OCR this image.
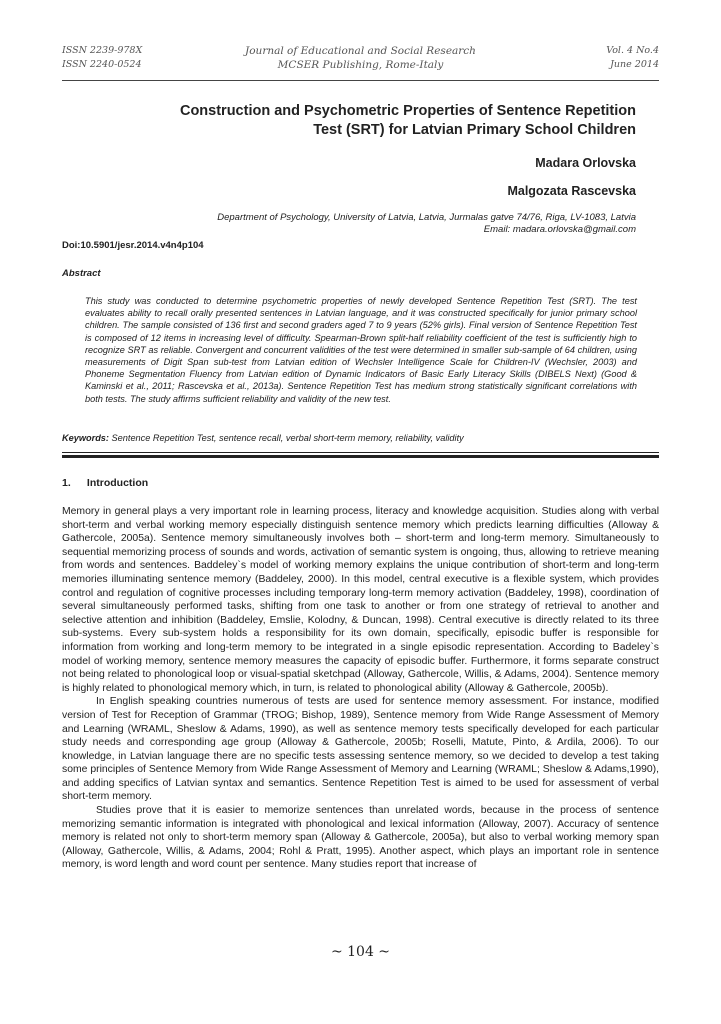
ISSN 2239-978X
ISSN 2240-0524
Journal of Educational and Social Research
MCSER Publishing, Rome-Italy
Vol. 4 No.4
June 2014
Construction and Psychometric Properties of Sentence Repetition
Test (SRT) for Latvian Primary School Children
Madara Orlovska
Malgozata Rascevska
Department of Psychology, University of Latvia, Latvia, Jurmalas gatve 74/76, Riga, LV-1083, Latvia
Email: madara.orlovska@gmail.com
Doi:10.5901/jesr.2014.v4n4p104
Abstract
This study was conducted to determine psychometric properties of newly developed Sentence Repetition Test (SRT). The test evaluates ability to recall orally presented sentences in Latvian language, and it was constructed specifically for junior primary school children. The sample consisted of 136 first and second graders aged 7 to 9 years (52% girls). Final version of Sentence Repetition Test is composed of 12 items in increasing level of difficulty. Spearman-Brown split-half reliability coefficient of the test is sufficiently high to recognize SRT as reliable. Convergent and concurrent validities of the test were determined in smaller sub-sample of 64 children, using measurements of Digit Span sub-test from Latvian edition of Wechsler Intelligence Scale for Children-IV (Wechsler, 2003) and Phoneme Segmentation Fluency from Latvian edition of Dynamic Indicators of Basic Early Literacy Skills (DIBELS Next) (Good & Kaminski et al., 2011; Rascevska et al., 2013a). Sentence Repetition Test has medium strong statistically significant correlations with both tests. The study affirms sufficient reliability and validity of the new test.
Keywords: Sentence Repetition Test, sentence recall, verbal short-term memory, reliability, validity
1. Introduction

Memory in general plays a very important role in learning process, literacy and knowledge acquisition. Studies along with verbal short-term and verbal working memory especially distinguish sentence memory which predicts learning difficulties (Alloway & Gathercole, 2005a). Sentence memory simultaneously involves both – short-term and long-term memory. Simultaneously to sequential memorizing process of sounds and words, activation of semantic system is ongoing, thus, allowing to retrieve meaning from words and sentences. Baddeley`s model of working memory explains the unique contribution of short-term and long-term memories illuminating sentence memory (Baddeley, 2000). In this model, central executive is a flexible system, which provides control and regulation of cognitive processes including temporary long-term memory activation (Baddeley, 1998), coordination of several simultaneously performed tasks, shifting from one task to another or from one strategy of retrieval to another and selective attention and inhibition (Baddeley, Emslie, Kolodny, & Duncan, 1998). Central executive is directly related to its three sub-systems. Every sub-system holds a responsibility for its own domain, specifically, episodic buffer is responsible for information from working and long-term memory to be integrated in a single episodic representation. According to Badeley`s model of working memory, sentence memory measures the capacity of episodic buffer. Furthermore, it forms separate construct not being related to phonological loop or visual-spatial sketchpad (Alloway, Gathercole, Willis, & Adams, 2004). Sentence memory is highly related to phonological memory which, in turn, is related to phonological ability (Alloway & Gathercole, 2005b).

In English speaking countries numerous of tests are used for sentence memory assessment. For instance, modified version of Test for Reception of Grammar (TROG; Bishop, 1989), Sentence memory from Wide Range Assessment of Memory and Learning (WRAML, Sheslow & Adams, 1990), as well as sentence memory tests specifically developed for each particular study needs and corresponding age group (Alloway & Gathercole, 2005b; Roselli, Matute, Pinto, & Ardila, 2006). To our knowledge, in Latvian language there are no specific tests assessing sentence memory, so we decided to develop a test taking some principles of Sentence Memory from Wide Range Assessment of Memory and Learning (WRAML; Sheslow & Adams,1990), and adding specifics of Latvian syntax and semantics. Sentence Repetition Test is aimed to be used for assessment of verbal short-term memory.

Studies prove that it is easier to memorize sentences than unrelated words, because in the process of sentence memorizing semantic information is integrated with phonological and lexical information (Alloway, 2007). Accuracy of sentence memory is related not only to short-term memory span (Alloway & Gathercole, 2005a), but also to verbal working memory span (Alloway, Gathercole, Willis, & Adams, 2004; Rohl & Pratt, 1995). Another aspect, which plays an important role in sentence memory, is word length and word count per sentence. Many studies report that increase of

~ 104 ~
